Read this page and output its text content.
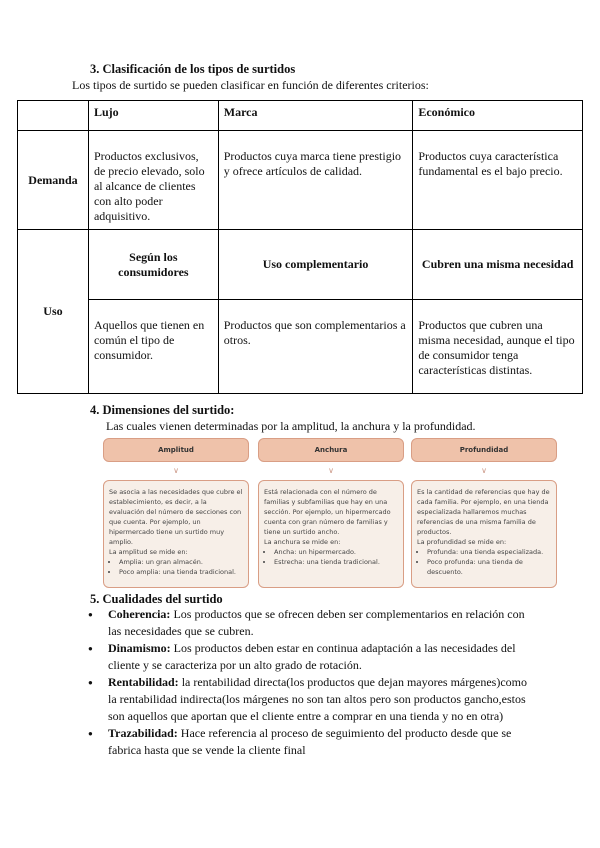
3. Clasificación de los tipos de surtidos
Los tipos de surtido se pueden clasificar en función de diferentes criterios:
	Lujo	Marca	Económico
Demanda	Productos exclusivos, de precio elevado, solo al alcance de clientes con alto poder adquisitivo.	Productos cuya marca tiene prestigio y ofrece artículos de calidad.	Productos cuya característica fundamental es el bajo precio.
Uso	Según los consumidores	Uso complementario	Cubren una misma necesidad
	Aquellos que tienen en común el tipo de consumidor.	Productos que son complementarios a otros.	Productos que cubren una misma necesidad, aunque el tipo de consumidor tenga características distintas.
4. Dimensiones del surtido:
Las cuales vienen determinadas por la amplitud, la anchura y la profundidad.
Amplitud
∨
Se asocia a las necesidades que cubre el establecimiento, es decir, a la evaluación del número de secciones con que cuenta. Por ejemplo, un hipermercado tiene un surtido muy amplio.
La amplitud se mide en:
• Amplia: un gran almacén.
• Poco amplia: una tienda tradicional.
Anchura
∨
Está relacionada con el número de familias y subfamilias que hay en una sección. Por ejemplo, un hipermercado cuenta con gran número de familias y tiene un surtido ancho.
La anchura se mide en:
• Ancha: un hipermercado.
• Estrecha: una tienda tradicional.
Profundidad
∨
Es la cantidad de referencias que hay de cada familia. Por ejemplo, en una tienda especializada hallaremos muchas referencias de una misma familia de productos.
La profundidad se mide en:
• Profunda: una tienda especializada.
• Poco profunda: una tienda de descuento.
5. Cualidades del surtido
● Coherencia: Los productos que se ofrecen deben ser complementarios en relación con las necesidades que se cubren.
● Dinamismo: Los productos deben estar en continua adaptación a las necesidades del cliente y se caracteriza por un alto grado de rotación.
● Rentabilidad: la rentabilidad directa(los productos que dejan mayores márgenes)como la rentabilidad indirecta(los márgenes no son tan altos pero son productos gancho,estos son aquellos que aportan que el cliente entre a comprar en una tienda y no en otra)
● Trazabilidad: Hace referencia al proceso de seguimiento del producto desde que se fabrica hasta que se vende la cliente final
